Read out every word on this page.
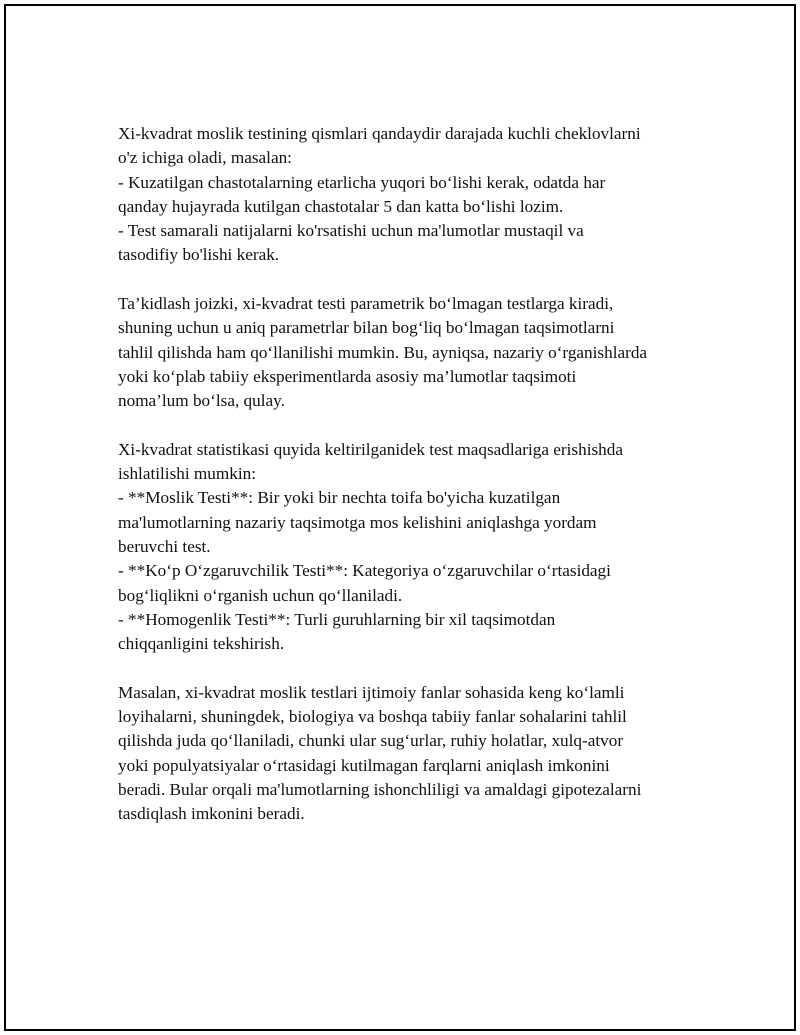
Xi-kvadrat moslik testining qismlari qandaydir darajada kuchli cheklovlarni
o'z ichiga oladi, masalan:
- Kuzatilgan chastotalarning etarlicha yuqori bo‘lishi kerak, odatda har
qanday hujayrada kutilgan chastotalar 5 dan katta bo‘lishi lozim.
- Test samarali natijalarni ko'rsatishi uchun ma'lumotlar mustaqil va
tasodifiy bo'lishi kerak.

Ta’kidlash joizki, xi-kvadrat testi parametrik bo‘lmagan testlarga kiradi,
shuning uchun u aniq parametrlar bilan bog‘liq bo‘lmagan taqsimotlarni
tahlil qilishda ham qo‘llanilishi mumkin. Bu, ayniqsa, nazariy o‘rganishlarda
yoki ko‘plab tabiiy eksperimentlarda asosiy ma’lumotlar taqsimoti
noma’lum bo‘lsa, qulay.

Xi-kvadrat statistikasi quyida keltirilganidek test maqsadlariga erishishda
ishlatilishi mumkin:
- **Moslik Testi**: Bir yoki bir nechta toifa bo'yicha kuzatilgan
ma'lumotlarning nazariy taqsimotga mos kelishini aniqlashga yordam
beruvchi test.
- **Ko‘p O‘zgaruvchilik Testi**: Kategoriya o‘zgaruvchilar o‘rtasidagi
bog‘liqlikni o‘rganish uchun qo‘llaniladi.
- **Homogenlik Testi**: Turli guruhlarning bir xil taqsimotdan
chiqqanligini tekshirish.

Masalan, xi-kvadrat moslik testlari ijtimoiy fanlar sohasida keng ko‘lamli
loyihalarni, shuningdek, biologiya va boshqa tabiiy fanlar sohalarini tahlil
qilishda juda qo‘llaniladi, chunki ular sug‘urlar, ruhiy holatlar, xulq-atvor
yoki populyatsiyalar o‘rtasidagi kutilmagan farqlarni aniqlash imkonini
beradi. Bular orqali ma'lumotlarning ishonchliligi va amaldagi gipotezalarni
tasdiqlash imkonini beradi.
